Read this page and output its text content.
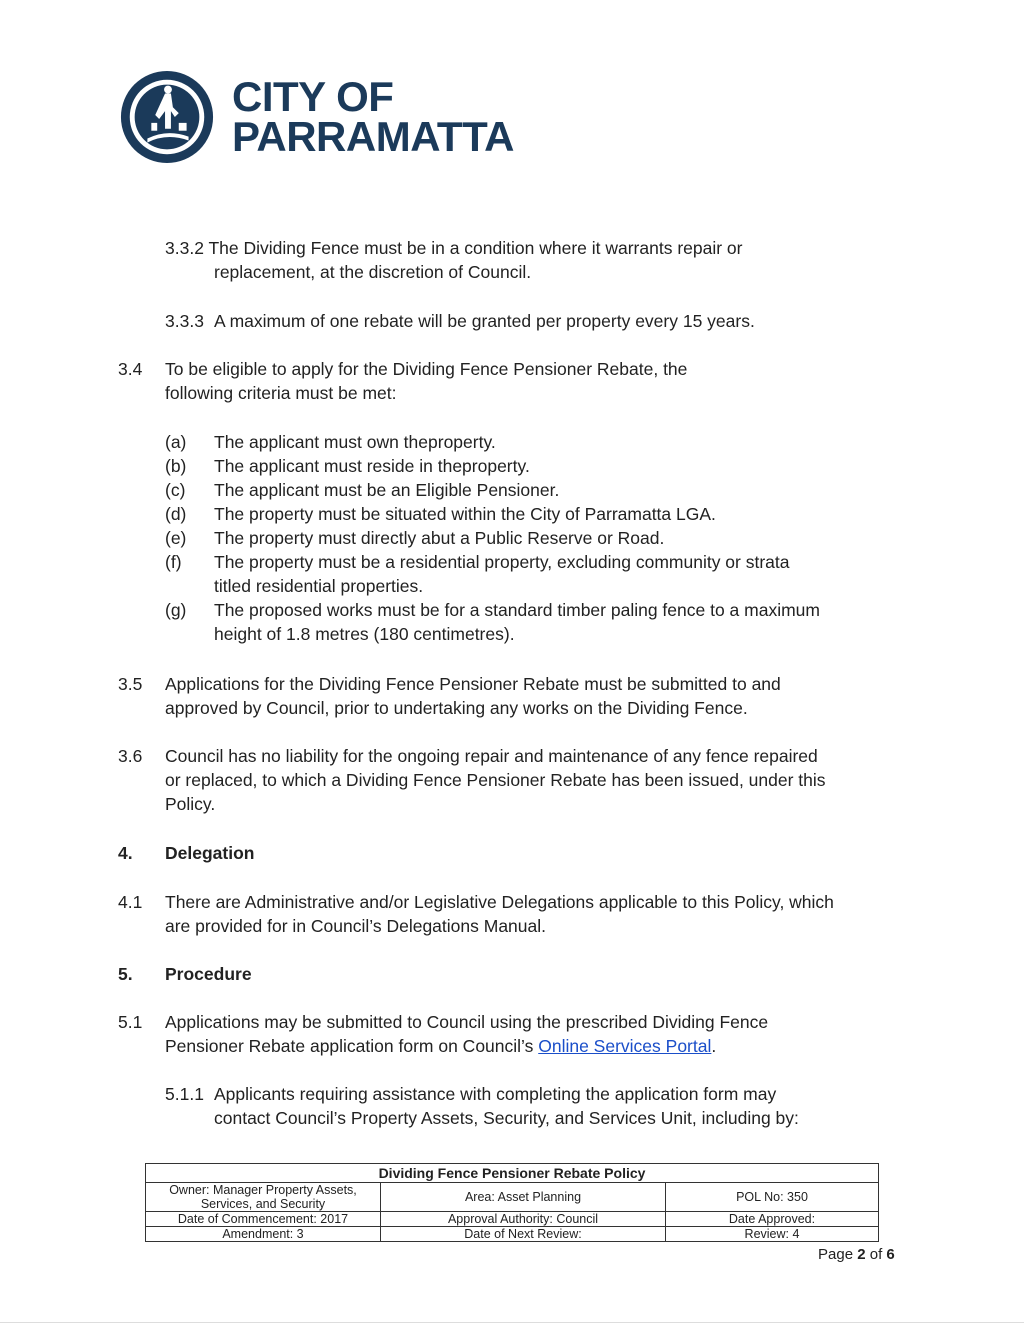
CITY OF
PARRAMATTA
3.3.2 The Dividing Fence must be in a condition where it warrants repair or
replacement, at the discretion of Council.
3.3.3 A maximum of one rebate will be granted per property every 15 years.
3.4 To be eligible to apply for the Dividing Fence Pensioner Rebate, the
following criteria must be met:
(a) The applicant must own theproperty.
(b) The applicant must reside in theproperty.
(c) The applicant must be an Eligible Pensioner.
(d) The property must be situated within the City of Parramatta LGA.
(e) The property must directly abut a Public Reserve or Road.
(f) The property must be a residential property, excluding community or strata
titled residential properties.
(g) The proposed works must be for a standard timber paling fence to a maximum
height of 1.8 metres (180 centimetres).
3.5 Applications for the Dividing Fence Pensioner Rebate must be submitted to and
approved by Council, prior to undertaking any works on the Dividing Fence.
3.6 Council has no liability for the ongoing repair and maintenance of any fence repaired
or replaced, to which a Dividing Fence Pensioner Rebate has been issued, under this
Policy.
4. Delegation
4.1 There are Administrative and/or Legislative Delegations applicable to this Policy, which
are provided for in Council’s Delegations Manual.
5. Procedure
5.1 Applications may be submitted to Council using the prescribed Dividing Fence
Pensioner Rebate application form on Council’s Online Services Portal.
5.1.1 Applicants requiring assistance with completing the application form may
contact Council’s Property Assets, Security, and Services Unit, including by:
Dividing Fence Pensioner Rebate Policy		
Owner: Manager Property Assets,
Services, and Security	Area: Asset Planning	POL No: 350
Date of Commencement: 2017	Approval Authority: Council	Date Approved:
Amendment: 3	Date of Next Review:	Review: 4
Page 2 of 6
